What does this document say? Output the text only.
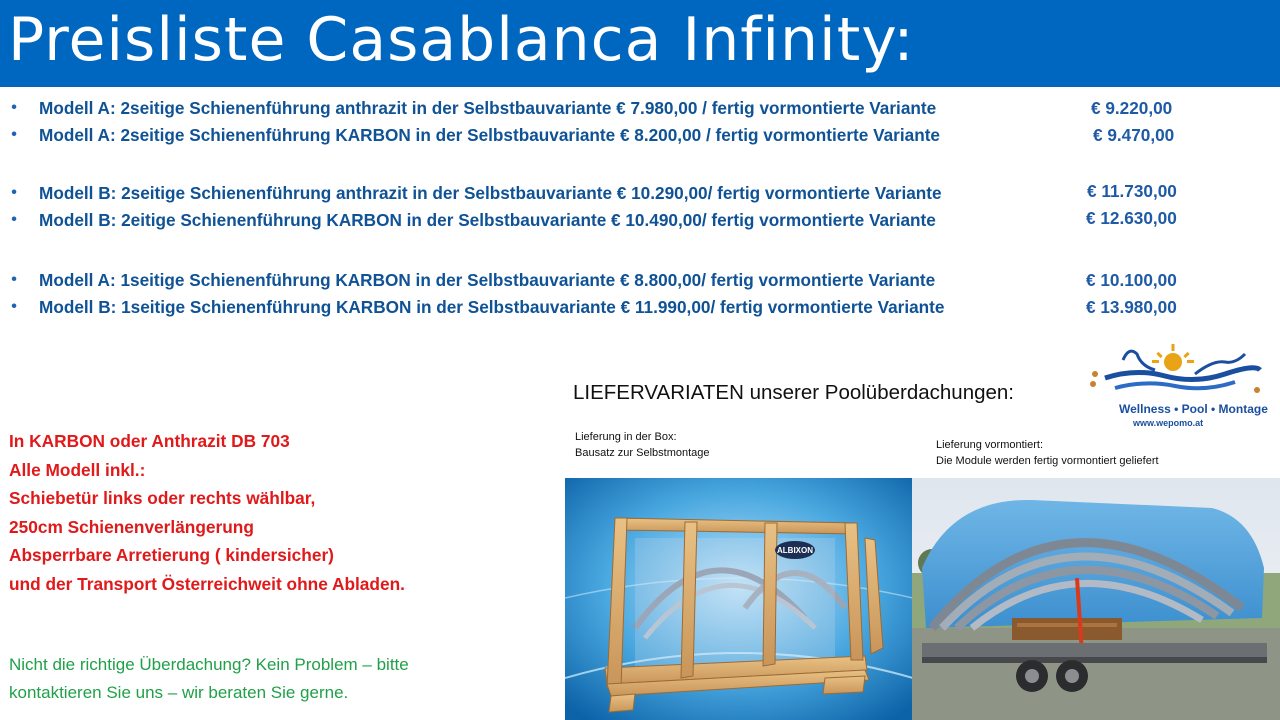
Preisliste Casablanca Infinity:
• Modell A: 2seitige Schienenführung anthrazit in der Selbstbauvariante € 7.980,00 / fertig vormontierte Variante	€ 9.220,00
• Modell A: 2seitige Schienenführung KARBON in der Selbstbauvariante € 8.200,00 / fertig vormontierte Variante	€ 9.470,00
• Modell B: 2seitige Schienenführung anthrazit in der Selbstbauvariante € 10.290,00/ fertig vormontierte Variante	€ 11.730,00
• Modell B: 2eitige Schienenführung KARBON in der Selbstbauvariante € 10.490,00/ fertig vormontierte Variante	€ 12.630,00
• Modell A: 1seitige Schienenführung KARBON in der Selbstbauvariante € 8.800,00/ fertig vormontierte Variante	€ 10.100,00
• Modell B: 1seitige Schienenführung KARBON in der Selbstbauvariante € 11.990,00/ fertig vormontierte Variante	€ 13.980,00
In KARBON oder Anthrazit DB 703
Alle Modell inkl.:
Schiebetür links oder rechts wählbar,
250cm Schienenverlängerung
Absperrbare Arretierung ( kindersicher)
und der Transport Österreichweit ohne Abladen.
Nicht die richtige Überdachung? Kein Problem – bitte
kontaktieren Sie uns – wir beraten Sie gerne.
LIEFERVARIATEN unserer Poolüberdachungen:
Wellness • Pool • Montage
www.wepomo.at
Lieferung in der Box:
Bausatz zur Selbstmontage
Lieferung vormontiert:
Die Module werden fertig vormontiert geliefert
ALBIXON
